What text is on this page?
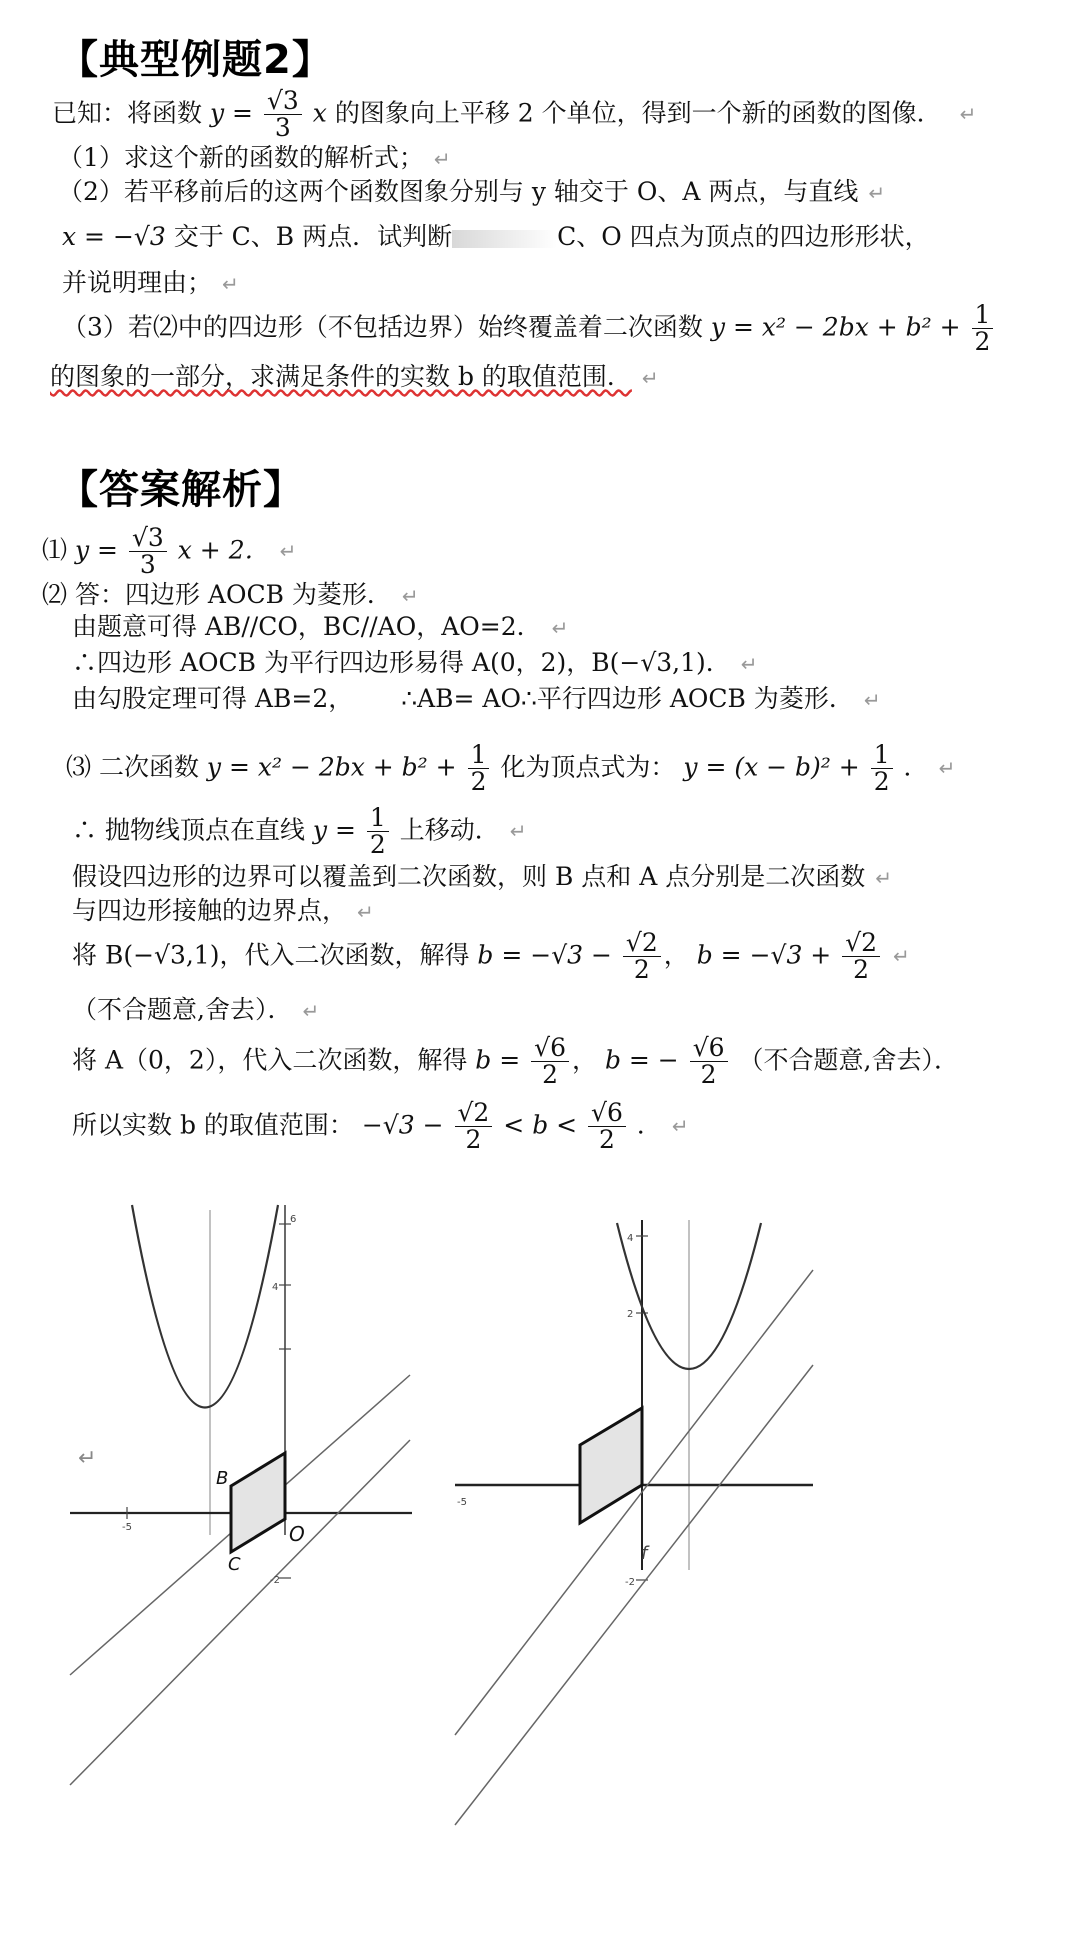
【典型例题2】
已知：将函数 $y = \frac{√3}{3}$ x 的图象向上平移 2 个单位，得到一个新的函数的图像． ↵
（1）求这个新的函数的解析式； ↵
（2）若平移前后的这两个函数图象分别与 y 轴交于 O、A 两点，与直线 ↵
x = −√3 交于 C、B 两点．试判断	C、O 四点为顶点的四边形形状，
并说明理由； ↵
（3）若⑵中的四边形（不包括边界）始终覆盖着二次函数 $y = x^2 - 2bx + b^2 + \frac{1}{2}$
的图象的一部分，求满足条件的实数 b 的取值范围． ↵
【答案解析】
⑴ $y = \frac{√3}{3}$ x + 2． ↵
⑵ 答：四边形 AOCB 为菱形． ↵
由题意可得 AB//CO，BC//AO，AO=2． ↵
∴四边形 AOCB 为平行四边形易得 A(0，2)，B(−√3,1)． ↵
由勾股定理可得 AB=2， ∴AB= AO∴平行四边形 AOCB 为菱形． ↵
⑶ 二次函数 $y = x^2 - 2bx + b^2 + \frac{1}{2}$ 化为顶点式为： $y = (x - b)^2 + \frac{1}{2}$ ． ↵
∴ 抛物线顶点在直线 $y = \frac{1}{2}$ 上移动． ↵
假设四边形的边界可以覆盖到二次函数，则 B 点和 A 点分别是二次函数 ↵
与四边形接触的边界点， ↵
将 B(−√3,1)，代入二次函数，解得 $b = -√3 - \frac{√2}{2}$ ， $b = -√3 + \frac{√2}{2}$ ↵
（不合题意,舍去）． ↵
将 A（0，2），代入二次函数，解得 $b = \frac{√6}{2}$ ， b = − $\frac{√6}{2}$ （不合题意,舍去）．
所以实数 b 的取值范围： $-√3 - \frac{√2}{2} < b < \frac{√6}{2}$ ． ↵
6
4
-2
-5
B
O
C
↵
4
2
-2
-5
f
